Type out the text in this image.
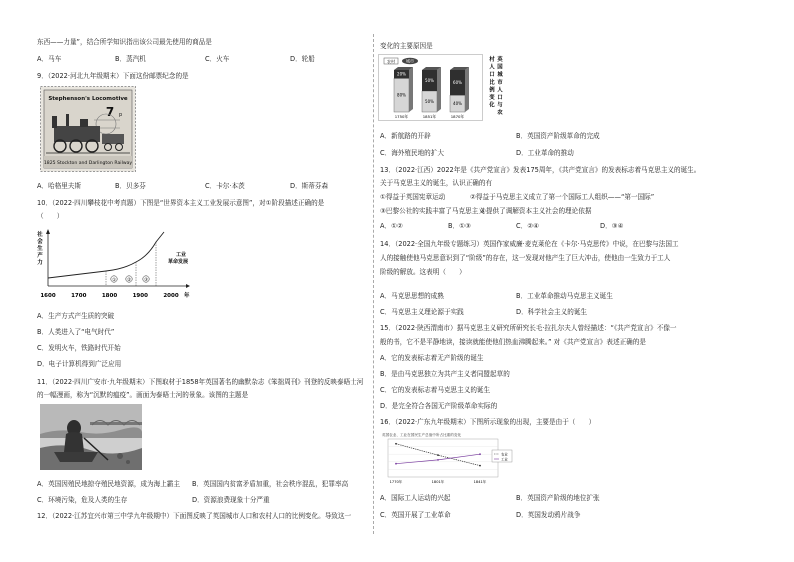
东西——力量”，结合所学知识指出该公司最先使用的商品是
A．马车	B．蒸汽机	C．火车	D．轮船
9．（2022·河北九年级期末）下面这份邮票纪念的是
Stephenson's Locomotive
7 p
1825 Stockton and Darlington Railway
A．哈格里夫斯	B．贝多芬	C．卡尔·本茨	D．斯蒂芬森
10．（2022·四川攀枝花中考真题）下图是“世界资本主义工业发展示意图”，对①阶段描述正确的是
（　　）
社
会
生
产
力
① ②	③
工业
革命发展
1600	1700	1800	1900	2000 年
A．生产方式产生质的突破
B．人类进入了“电气时代”
C．发明火车，铁路时代开始
D．电子计算机得到广泛应用
11．（2022·四川广安市·九年级期末）下图取材于1858年英国著名的幽默杂志《笨拙周刊》刊登的反映泰晤士河
的一幅漫画，称为“沉默的瘟疫”。画面为泰晤士河的景象。该图的主题是
A．英国因殖民地掠夺殖民地资源，成为海上霸主 B．英国国内贫富矛盾加重，社会秩序混乱，犯罪率高
C．环境污染，危及人类的生存	D．资源浪费现象十分严重
12．（2022·江苏宜兴市第三中学九年级期中）下面图反映了英国城市人口和农村人口的比例变化。导致这一
变化的主要原因是
农村	城市
80%
20%
1750年
50%
50%
1851年
40%
60%
1870年
英
国
城
市
人
口
与
农
村
人
口
比
例
变
化
A．新航路的开辟	B．英国资产阶级革命的完成
C．海外殖民地的扩大	D．工业革命的推动
13．（2022·江西）2022年是《共产党宣言》发表175周年，《共产党宣言》的发表标志着马克思主义的诞生。
关于马克思主义的诞生，认识正确的有
①得益于英国宪章运动	②得益于马克思主义成立了第一个国际工人组织——“第一国际”
③巴黎公社的实践丰富了马克思主义
④提供了调解资本主义社会的理论依据
A．①②	B．①③	C．②④	D．③④
14．（2022·全国九年级专题练习）英国作家威廉·麦克莱伦在《卡尔·马克思传》中说，在巴黎与法国工
人的接触使他马克思意识到了“阶级”的存在，这一发现对他产生了巨大冲击，使他由一生致力于工人
阶级的解放。这表明（　　）
A．马克思思想的成熟	B．工业革命推动马克思主义诞生
C．马克思主义理论源于实践	D．科学社会主义的诞生
15．（2022·陕西渭南市）据马克思主义研究所研究长毛·拉扎尔夫人曾经描述：“《共产党宣言》不像一
般的书，它不是平静地读，接读就能使他们热血沸腾起来。” 对《共产党宣言》表述正确的是
A．它的发表标志着无产阶级的诞生
B．是由马克思独立为共产主义者同盟起草的
C．它的发表标志着马克思主义的诞生
D．是完全符合各国无产阶级革命实际的
16．（2022·广东九年级期末）下图所示现象的出现，主要是由于（　　）
英国农业、工业在国民生产总值中所占比重的变化
农业
工业
1770年	1801年	1841年
A．国际工人运动的兴起	B．英国资产阶级的地位扩张
C．英国开展了工业革命	D．英国发动鸦片战争
